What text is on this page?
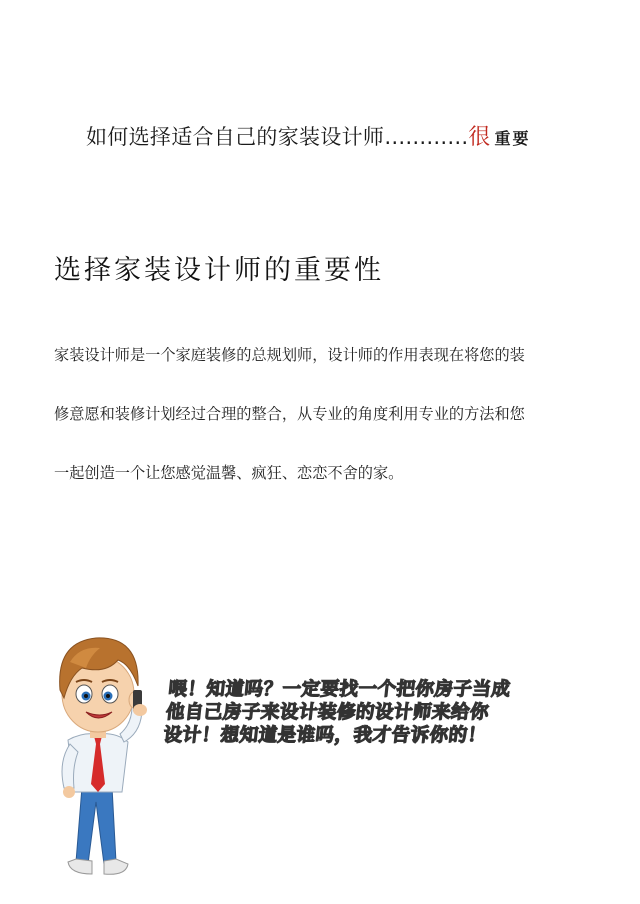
如何选择适合自己的家装设计师…………很 重要
选择家装设计师的重要性

家装设计师是一个家庭装修的总规划师，设计师的作用表现在将您的装
修意愿和装修计划经过合理的整合，从专业的角度利用专业的方法和您
一起创造一个让您感觉温馨、疯狂、恋恋不舍的家。

喂！知道吗？一定要找一个把你房子当成
他自己房子来设计装修的设计师来给你
设计！想知道是谁吗，我才告诉你的！
